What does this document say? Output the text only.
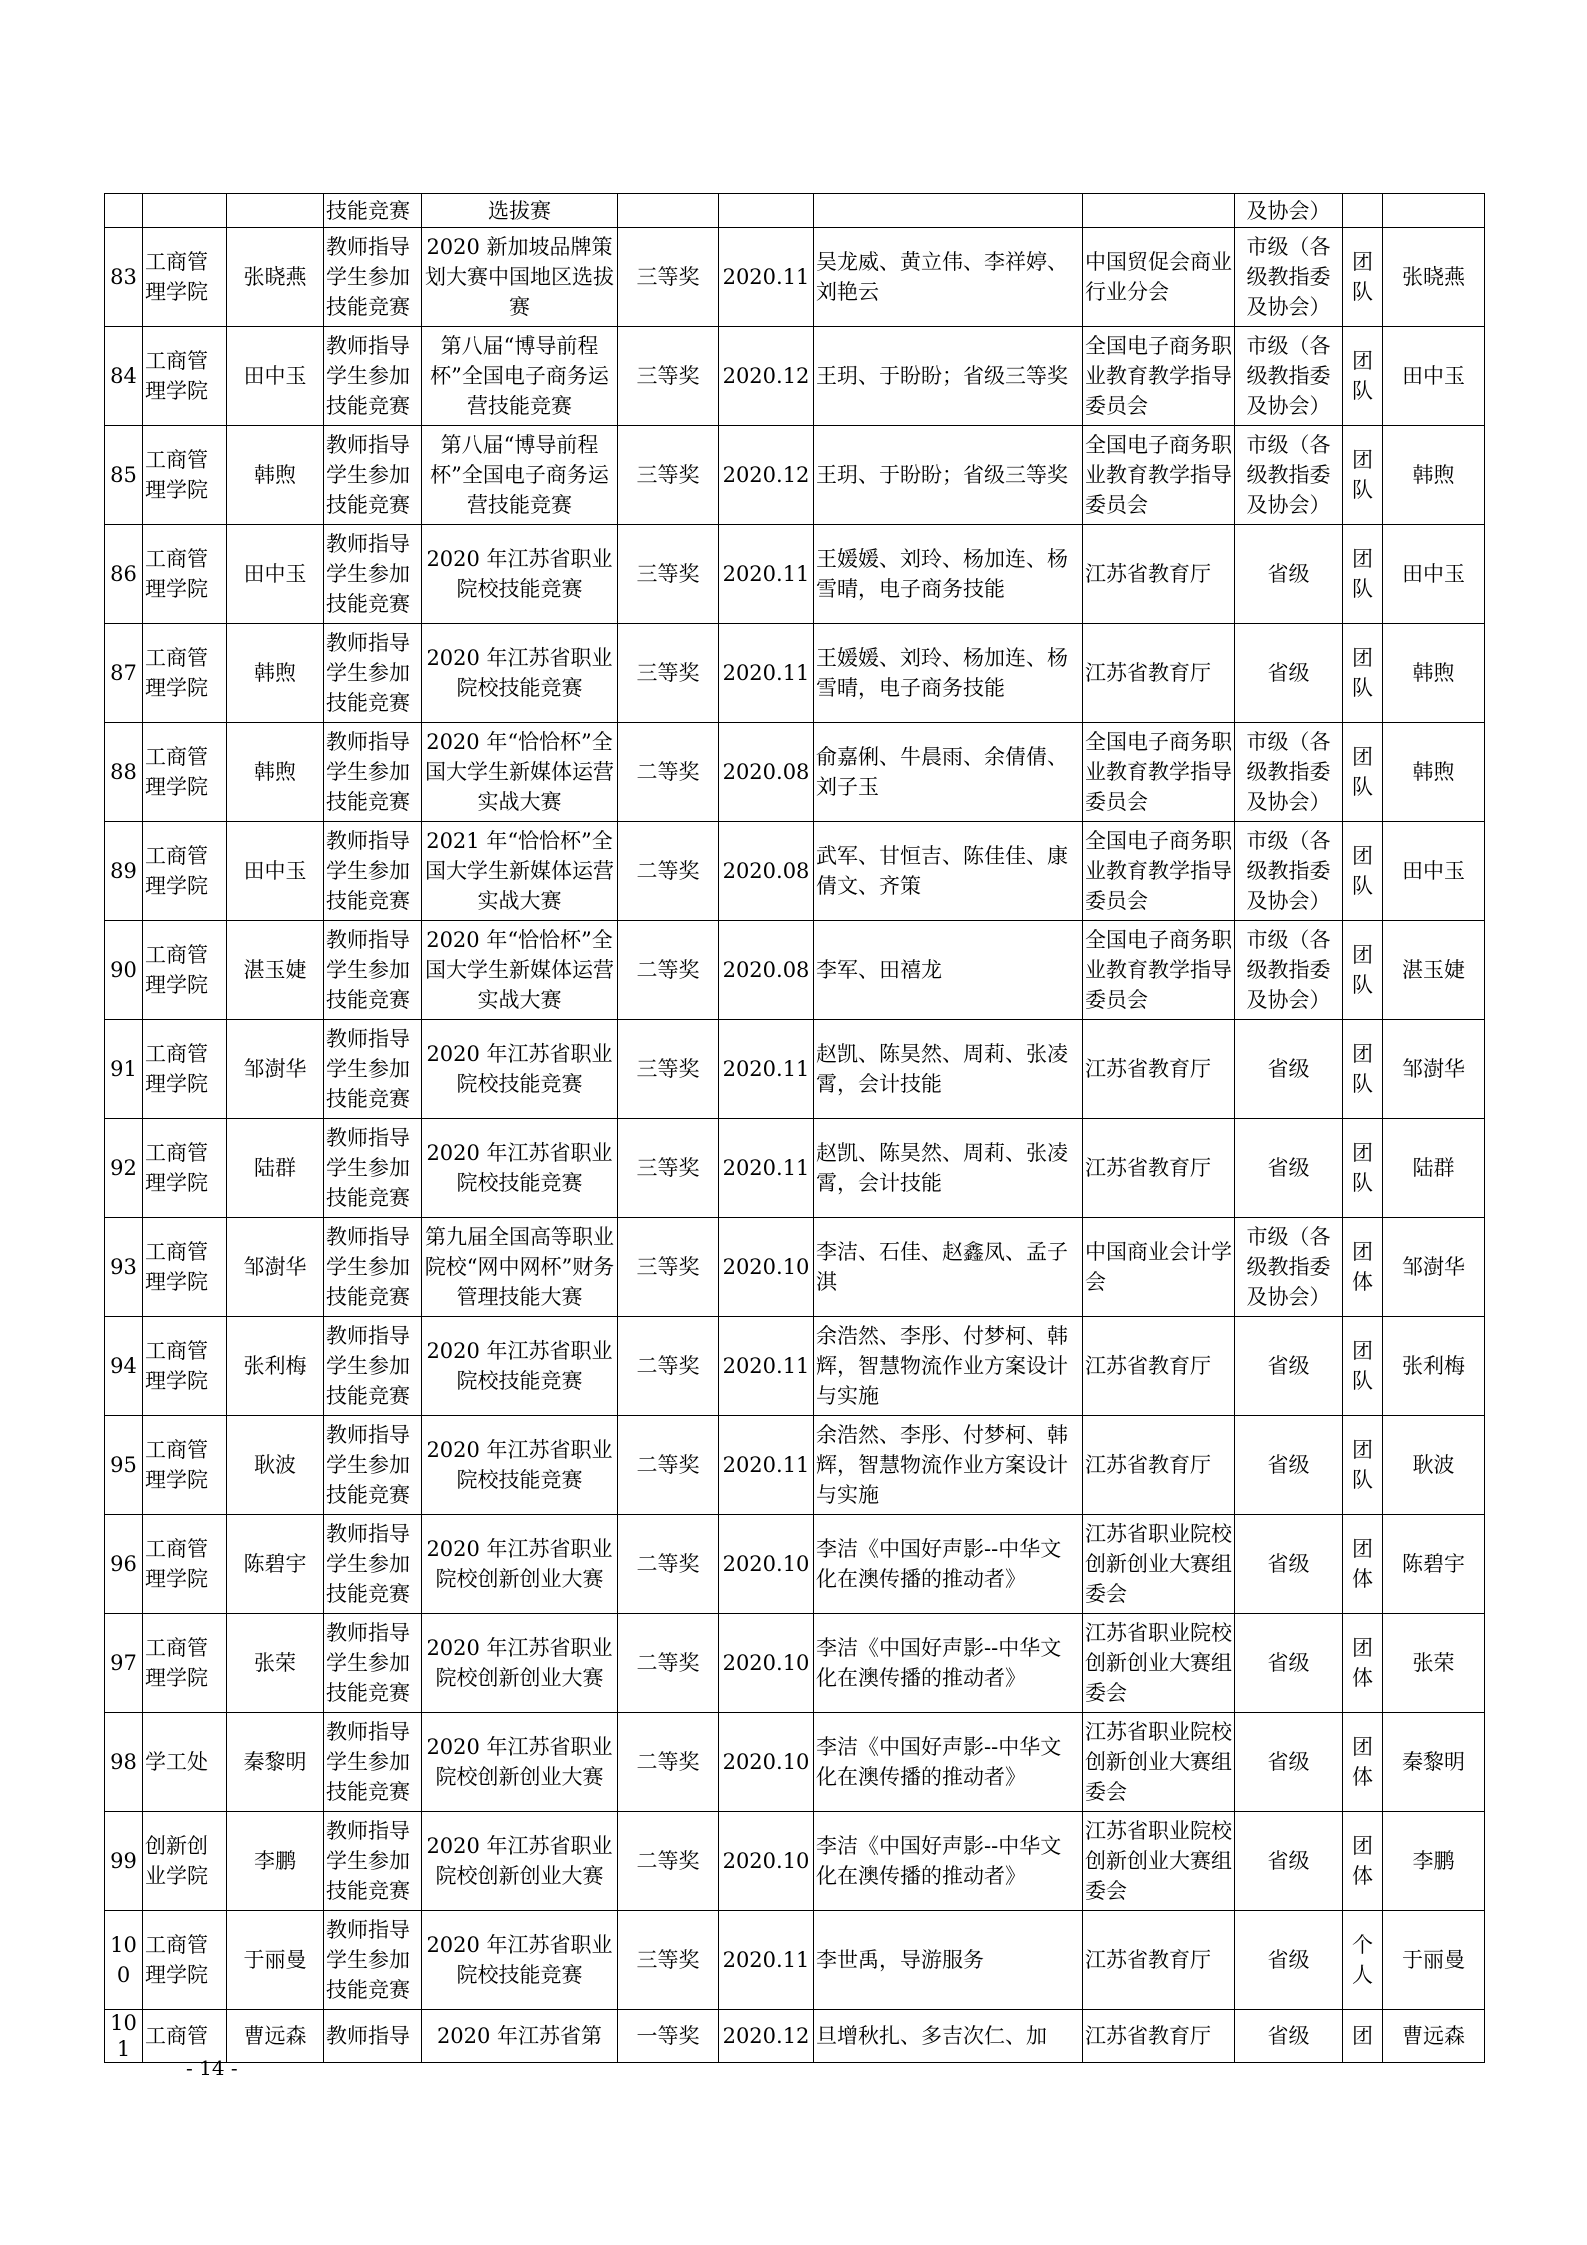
			技能竞赛	选拔赛					及协会）		
83	工商管理学院	张晓燕	教师指导学生参加技能竞赛	2020 新加坡品牌策划大赛中国地区选拔赛	三等奖	2020.11	吴龙威、黄立伟、李祥婷、刘艳云	中国贸促会商业行业分会	市级（各级教指委及协会）	团队	张晓燕
84	工商管理学院	田中玉	教师指导学生参加技能竞赛	第八届“博导前程杯”全国电子商务运营技能竞赛	三等奖	2020.12	王玥、于盼盼；省级三等奖	全国电子商务职业教育教学指导委员会	市级（各级教指委及协会）	团队	田中玉
85	工商管理学院	韩煦	教师指导学生参加技能竞赛	第八届“博导前程杯”全国电子商务运营技能竞赛	三等奖	2020.12	王玥、于盼盼；省级三等奖	全国电子商务职业教育教学指导委员会	市级（各级教指委及协会）	团队	韩煦
86	工商管理学院	田中玉	教师指导学生参加技能竞赛	2020 年江苏省职业院校技能竞赛	三等奖	2020.11	王媛媛、刘玲、杨加连、杨雪晴，电子商务技能	江苏省教育厅	省级	团队	田中玉
87	工商管理学院	韩煦	教师指导学生参加技能竞赛	2020 年江苏省职业院校技能竞赛	三等奖	2020.11	王媛媛、刘玲、杨加连、杨雪晴，电子商务技能	江苏省教育厅	省级	团队	韩煦
88	工商管理学院	韩煦	教师指导学生参加技能竞赛	2020 年“恰恰杯”全国大学生新媒体运营实战大赛	二等奖	2020.08	俞嘉俐、牛晨雨、余倩倩、刘子玉	全国电子商务职业教育教学指导委员会	市级（各级教指委及协会）	团队	韩煦
89	工商管理学院	田中玉	教师指导学生参加技能竞赛	2021 年“恰恰杯”全国大学生新媒体运营实战大赛	二等奖	2020.08	武军、甘恒吉、陈佳佳、康倩文、齐策	全国电子商务职业教育教学指导委员会	市级（各级教指委及协会）	团队	田中玉
90	工商管理学院	湛玉婕	教师指导学生参加技能竞赛	2020 年“恰恰杯”全国大学生新媒体运营实战大赛	二等奖	2020.08	李军、田禧龙	全国电子商务职业教育教学指导委员会	市级（各级教指委及协会）	团队	湛玉婕
91	工商管理学院	邹澍华	教师指导学生参加技能竞赛	2020 年江苏省职业院校技能竞赛	三等奖	2020.11	赵凯、陈昊然、周莉、张凌霄，会计技能	江苏省教育厅	省级	团队	邹澍华
92	工商管理学院	陆群	教师指导学生参加技能竞赛	2020 年江苏省职业院校技能竞赛	三等奖	2020.11	赵凯、陈昊然、周莉、张凌霄，会计技能	江苏省教育厅	省级	团队	陆群
93	工商管理学院	邹澍华	教师指导学生参加技能竞赛	第九届全国高等职业院校“网中网杯”财务管理技能大赛	三等奖	2020.10	李洁、石佳、赵鑫凤、孟子淇	中国商业会计学会	市级（各级教指委及协会）	团体	邹澍华
94	工商管理学院	张利梅	教师指导学生参加技能竞赛	2020 年江苏省职业院校技能竞赛	二等奖	2020.11	余浩然、李彤、付梦柯、韩辉，智慧物流作业方案设计与实施	江苏省教育厅	省级	团队	张利梅
95	工商管理学院	耿波	教师指导学生参加技能竞赛	2020 年江苏省职业院校技能竞赛	二等奖	2020.11	余浩然、李彤、付梦柯、韩辉，智慧物流作业方案设计与实施	江苏省教育厅	省级	团队	耿波
96	工商管理学院	陈碧宇	教师指导学生参加技能竞赛	2020 年江苏省职业院校创新创业大赛	二等奖	2020.10	李洁《中国好声影--中华文化在澳传播的推动者》	江苏省职业院校创新创业大赛组委会	省级	团体	陈碧宇
97	工商管理学院	张荣	教师指导学生参加技能竞赛	2020 年江苏省职业院校创新创业大赛	二等奖	2020.10	李洁《中国好声影--中华文化在澳传播的推动者》	江苏省职业院校创新创业大赛组委会	省级	团体	张荣
98	学工处	秦黎明	教师指导学生参加技能竞赛	2020 年江苏省职业院校创新创业大赛	二等奖	2020.10	李洁《中国好声影--中华文化在澳传播的推动者》	江苏省职业院校创新创业大赛组委会	省级	团体	秦黎明
99	创新创业学院	李鹏	教师指导学生参加技能竞赛	2020 年江苏省职业院校创新创业大赛	二等奖	2020.10	李洁《中国好声影--中华文化在澳传播的推动者》	江苏省职业院校创新创业大赛组委会	省级	团体	李鹏
100	工商管理学院	于丽曼	教师指导学生参加技能竞赛	2020 年江苏省职业院校技能竞赛	三等奖	2020.11	李世禹，导游服务	江苏省教育厅	省级	个人	于丽曼
101	工商管	曹远森	教师指导	2020 年江苏省第	一等奖	2020.12	旦增秋扎、多吉次仁、加	江苏省教育厅	省级	团	曹远森
- 14 -
